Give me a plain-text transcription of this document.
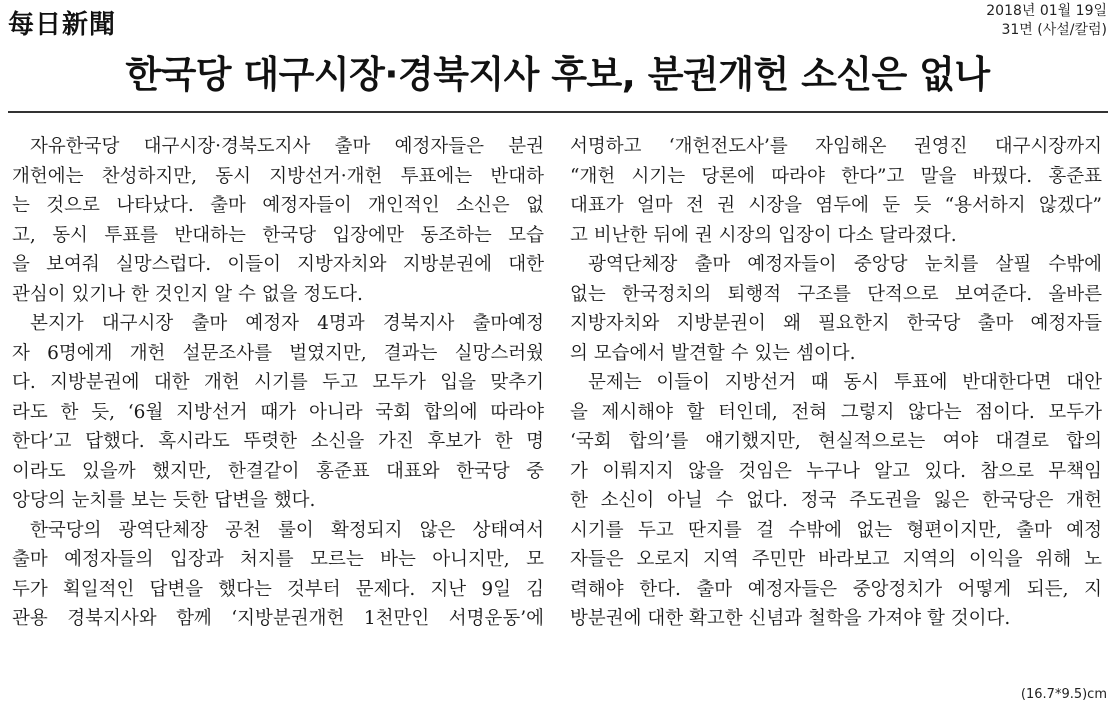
每日新聞	2018년 01월 19일
31면 (사설/칼럼)
한국당 대구시장·경북지사 후보, 분권개헌 소신은 없나
자유한국당 대구시장·경북도지사 출마 예정자들은 분권
개헌에는 찬성하지만, 동시 지방선거·개헌 투표에는 반대하
는 것으로 나타났다. 출마 예정자들이 개인적인 소신은 없
고, 동시 투표를 반대하는 한국당 입장에만 동조하는 모습
을 보여줘 실망스럽다. 이들이 지방자치와 지방분권에 대한
관심이 있기나 한 것인지 알 수 없을 정도다.
본지가 대구시장 출마 예정자 4명과 경북지사 출마예정
자 6명에게 개헌 설문조사를 벌였지만, 결과는 실망스러웠
다. 지방분권에 대한 개헌 시기를 두고 모두가 입을 맞추기
라도 한 듯, ‘6월 지방선거 때가 아니라 국회 합의에 따라야
한다’고 답했다. 혹시라도 뚜렷한 소신을 가진 후보가 한 명
이라도 있을까 했지만, 한결같이 홍준표 대표와 한국당 중
앙당의 눈치를 보는 듯한 답변을 했다.
한국당의 광역단체장 공천 룰이 확정되지 않은 상태여서
출마 예정자들의 입장과 처지를 모르는 바는 아니지만, 모
두가 획일적인 답변을 했다는 것부터 문제다. 지난 9일 김
관용 경북지사와 함께 ‘지방분권개헌 1천만인 서명운동’에
서명하고 ‘개헌전도사’를 자임해온 권영진 대구시장까지
“개헌 시기는 당론에 따라야 한다”고 말을 바꿨다. 홍준표
대표가 얼마 전 권 시장을 염두에 둔 듯 “용서하지 않겠다”
고 비난한 뒤에 권 시장의 입장이 다소 달라졌다.
광역단체장 출마 예정자들이 중앙당 눈치를 살필 수밖에
없는 한국정치의 퇴행적 구조를 단적으로 보여준다. 올바른
지방자치와 지방분권이 왜 필요한지 한국당 출마 예정자들
의 모습에서 발견할 수 있는 셈이다.
문제는 이들이 지방선거 때 동시 투표에 반대한다면 대안
을 제시해야 할 터인데, 전혀 그렇지 않다는 점이다. 모두가
‘국회 합의’를 얘기했지만, 현실적으로는 여야 대결로 합의
가 이뤄지지 않을 것임은 누구나 알고 있다. 참으로 무책임
한 소신이 아닐 수 없다. 정국 주도권을 잃은 한국당은 개헌
시기를 두고 딴지를 걸 수밖에 없는 형편이지만, 출마 예정
자들은 오로지 지역 주민만 바라보고 지역의 이익을 위해 노
력해야 한다. 출마 예정자들은 중앙정치가 어떻게 되든, 지
방분권에 대한 확고한 신념과 철학을 가져야 할 것이다.
(16.7*9.5)cm
